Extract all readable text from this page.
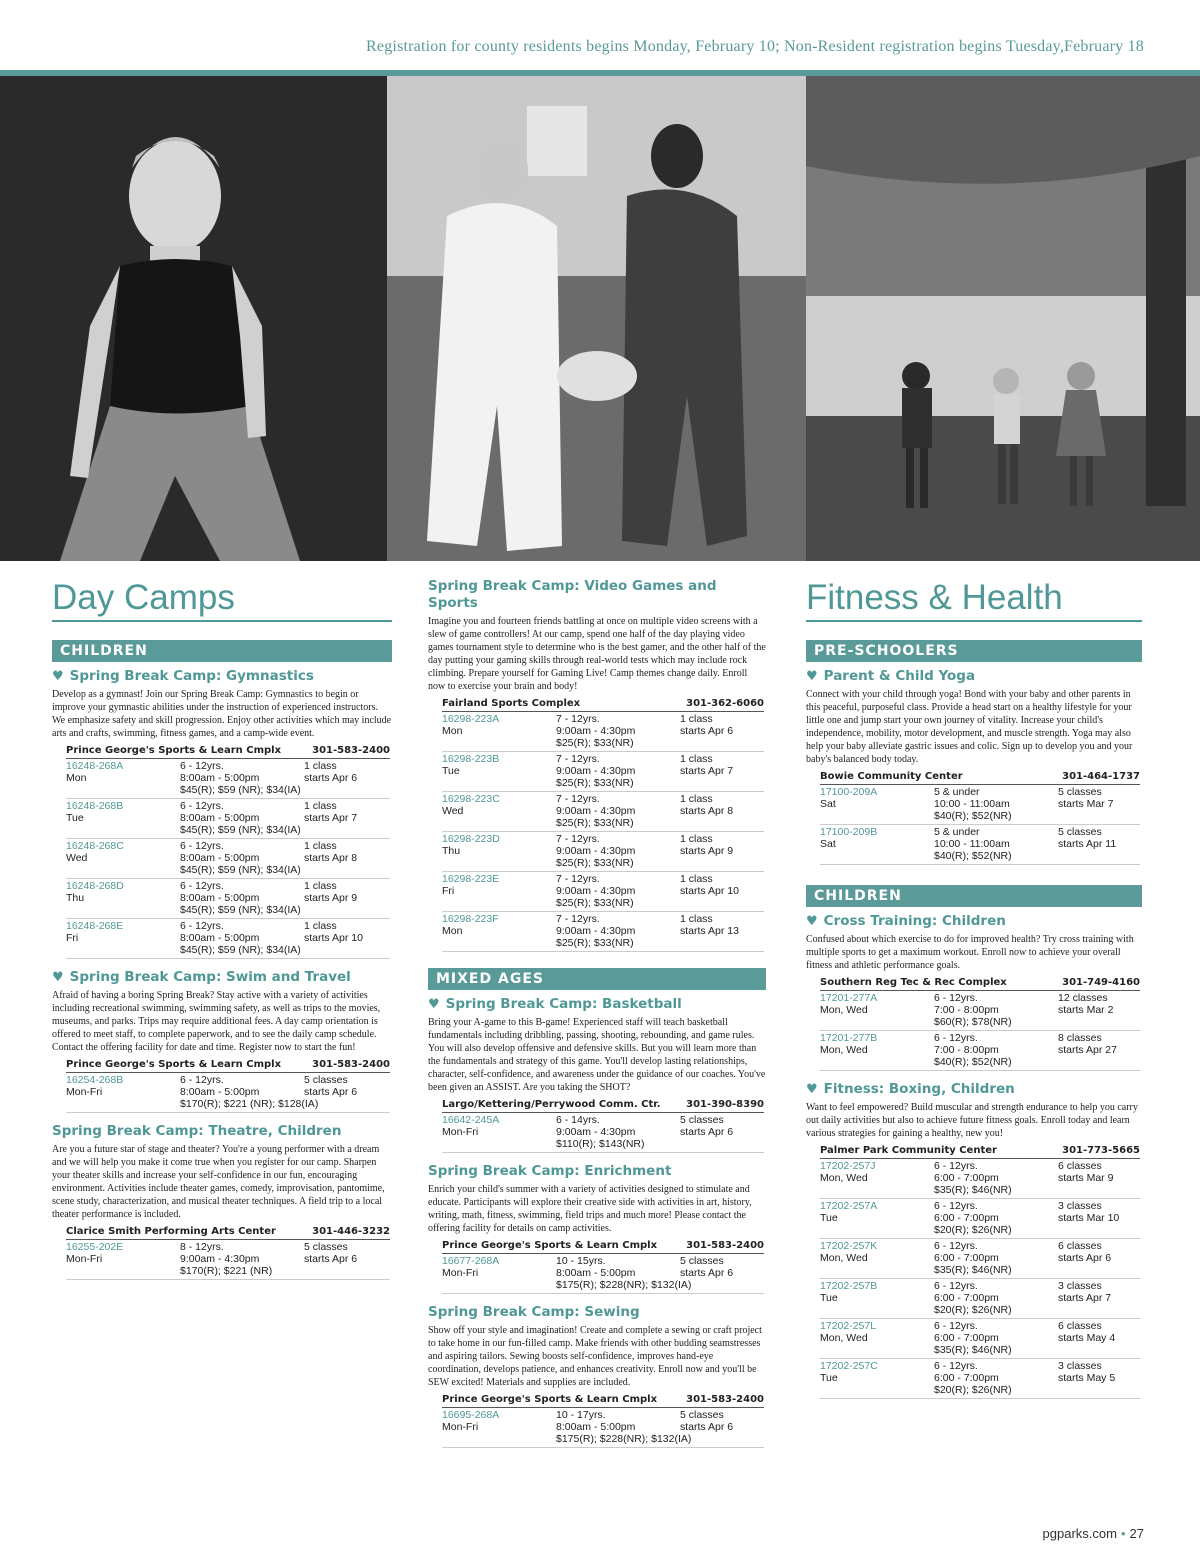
Registration for county residents begins Monday, February 10; Non-Resident registration begins Tuesday,February 18
Day Camps
CHILDREN
♥ Spring Break Camp: Gymnastics
Develop as a gymnast! Join our Spring Break Camp: Gymnastics to begin or improve your gymnastic abilities under the instruction of experienced instructors. We emphasize safety and skill progression. Enjoy other activities which may include arts and crafts, swimming, fitness games, and a camp-wide event.
Prince George's Sports & Learn Cmplx	301-583-2400
16248-268A	6 - 12yrs.	1 class
Mon	8:00am - 5:00pm	starts Apr 6
$45(R); $59 (NR); $34(IA)
16248-268B	6 - 12yrs.	1 class
Tue	8:00am - 5:00pm	starts Apr 7
$45(R); $59 (NR); $34(IA)
16248-268C	6 - 12yrs.	1 class
Wed	8:00am - 5:00pm	starts Apr 8
$45(R); $59 (NR); $34(IA)
16248-268D	6 - 12yrs.	1 class
Thu	8:00am - 5:00pm	starts Apr 9
$45(R); $59 (NR); $34(IA)
16248-268E	6 - 12yrs.	1 class
Fri	8:00am - 5:00pm	starts Apr 10
$45(R); $59 (NR); $34(IA)
♥ Spring Break Camp: Swim and Travel
Afraid of having a boring Spring Break? Stay active with a variety of activities including recreational swimming, swimming safety, as well as trips to the movies, museums, and parks. Trips may require additional fees. A day camp orientation is offered to meet staff, to complete paperwork, and to see the daily camp schedule. Contact the offering facility for date and time. Register now to start the fun!
Prince George's Sports & Learn Cmplx	301-583-2400
16254-268B	6 - 12yrs.	5 classes
Mon-Fri	8:00am - 5:00pm	starts Apr 6
$170(R); $221 (NR); $128(IA)
Spring Break Camp: Theatre, Children
Are you a future star of stage and theater? You're a young performer with a dream and we will help you make it come true when you register for our camp. Sharpen your theater skills and increase your self-confidence in our fun, encouraging environment. Activities include theater games, comedy, improvisation, pantomime, scene study, characterization, and musical theater techniques. A field trip to a local theater performance is included.
Clarice Smith Performing Arts Center	301-446-3232
16255-202E	8 - 12yrs.	5 classes
Mon-Fri	9:00am - 4:30pm	starts Apr 6
$170(R); $221 (NR)
Spring Break Camp: Video Games and Sports
Imagine you and fourteen friends battling at once on multiple video screens with a slew of game controllers! At our camp, spend one half of the day playing video games tournament style to determine who is the best gamer, and the other half of the day putting your gaming skills through real-world tests which may include rock climbing. Prepare yourself for Gaming Live! Camp themes change daily. Enroll now to exercise your brain and body!
Fairland Sports Complex	301-362-6060
16298-223A	7 - 12yrs.	1 class
Mon	9:00am - 4:30pm	starts Apr 6
$25(R); $33(NR)
16298-223B	7 - 12yrs.	1 class
Tue	9:00am - 4:30pm	starts Apr 7
$25(R); $33(NR)
16298-223C	7 - 12yrs.	1 class
Wed	9:00am - 4:30pm	starts Apr 8
$25(R); $33(NR)
16298-223D	7 - 12yrs.	1 class
Thu	9:00am - 4:30pm	starts Apr 9
$25(R); $33(NR)
16298-223E	7 - 12yrs.	1 class
Fri	9:00am - 4:30pm	starts Apr 10
$25(R); $33(NR)
16298-223F	7 - 12yrs.	1 class
Mon	9:00am - 4:30pm	starts Apr 13
$25(R); $33(NR)
MIXED AGES
♥ Spring Break Camp: Basketball
Bring your A-game to this B-game! Experienced staff will teach basketball fundamentals including dribbling, passing, shooting, rebounding, and game rules. You will also develop offensive and defensive skills. But you will learn more than the fundamentals and strategy of this game. You'll develop lasting relationships, character, self-confidence, and awareness under the guidance of our coaches. You've been given an ASSIST. Are you taking the SHOT?
Largo/Kettering/Perrywood Comm. Ctr.	301-390-8390
16642-245A	6 - 14yrs.	5 classes
Mon-Fri	9:00am - 4:30pm	starts Apr 6
$110(R); $143(NR)
Spring Break Camp: Enrichment
Enrich your child's summer with a variety of activities designed to stimulate and educate. Participants will explore their creative side with activities in art, history, writing, math, fitness, swimming, field trips and much more! Please contact the offering facility for details on camp activities.
Prince George's Sports & Learn Cmplx	301-583-2400
16677-268A	10 - 15yrs.	5 classes
Mon-Fri	8:00am - 5:00pm	starts Apr 6
$175(R); $228(NR); $132(IA)
Spring Break Camp: Sewing
Show off your style and imagination! Create and complete a sewing or craft project to take home in our fun-filled camp. Make friends with other budding seamstresses and aspiring tailors. Sewing boosts self-confidence, improves hand-eye coordination, develops patience, and enhances creativity. Enroll now and you'll be SEW excited! Materials and supplies are included.
Prince George's Sports & Learn Cmplx	301-583-2400
16695-268A	10 - 17yrs.	5 classes
Mon-Fri	8:00am - 5:00pm	starts Apr 6
$175(R); $228(NR); $132(IA)
Fitness & Health
PRE-SCHOOLERS
♥ Parent & Child Yoga
Connect with your child through yoga! Bond with your baby and other parents in this peaceful, purposeful class. Provide a head start on a healthy lifestyle for your little one and jump start your own journey of vitality. Increase your child's independence, mobility, motor development, and muscle strength. Yoga may also help your baby alleviate gastric issues and colic. Sign up to develop you and your baby's balanced body today.
Bowie Community Center	301-464-1737
17100-209A	5 & under	5 classes
Sat	10:00 - 11:00am	starts Mar 7
$40(R); $52(NR)
17100-209B	5 & under	5 classes
Sat	10:00 - 11:00am	starts Apr 11
$40(R); $52(NR)
CHILDREN
♥ Cross Training: Children
Confused about which exercise to do for improved health? Try cross training with multiple sports to get a maximum workout. Enroll now to achieve your overall fitness and athletic performance goals.
Southern Reg Tec & Rec Complex	301-749-4160
17201-277A	6 - 12yrs.	12 classes
Mon, Wed	7:00 - 8:00pm	starts Mar 2
$60(R); $78(NR)
17201-277B	6 - 12yrs.	8 classes
Mon, Wed	7:00 - 8:00pm	starts Apr 27
$40(R); $52(NR)
♥ Fitness: Boxing, Children
Want to feel empowered? Build muscular and strength endurance to help you carry out daily activities but also to achieve future fitness goals. Enroll today and learn various strategies for gaining a healthy, new you!
Palmer Park Community Center	301-773-5665
17202-257J	6 - 12yrs.	6 classes
Mon, Wed	6:00 - 7:00pm	starts Mar 9
$35(R); $46(NR)
17202-257A	6 - 12yrs.	3 classes
Tue	6:00 - 7:00pm	starts Mar 10
$20(R); $26(NR)
17202-257K	6 - 12yrs.	6 classes
Mon, Wed	6:00 - 7:00pm	starts Apr 6
$35(R); $46(NR)
17202-257B	6 - 12yrs.	3 classes
Tue	6:00 - 7:00pm	starts Apr 7
$20(R); $26(NR)
17202-257L	6 - 12yrs.	6 classes
Mon, Wed	6:00 - 7:00pm	starts May 4
$35(R); $46(NR)
17202-257C	6 - 12yrs.	3 classes
Tue	6:00 - 7:00pm	starts May 5
$20(R); $26(NR)
pgparks.com • 27
